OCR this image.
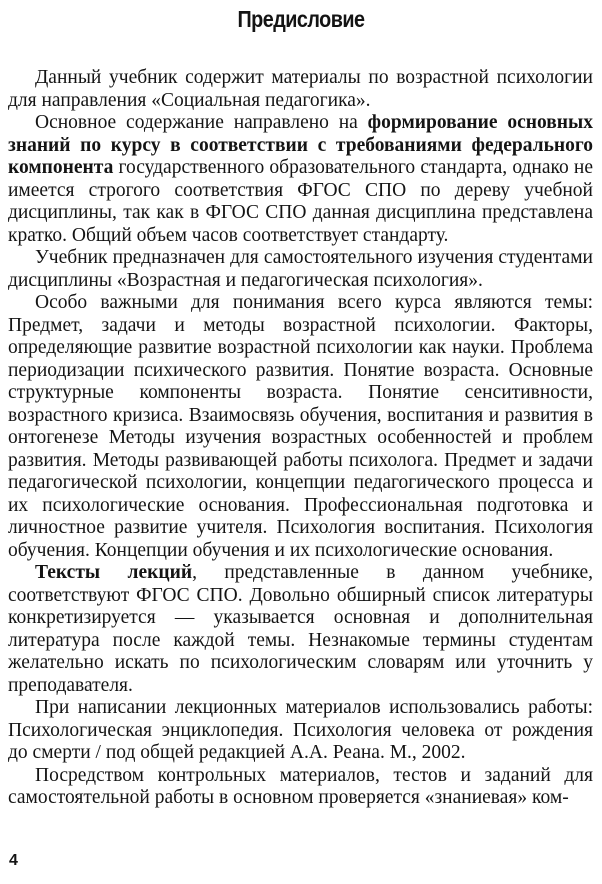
Предисловие

Данный учебник содержит материалы по возрастной психологии для направления «Социальная педагогика».

Основное содержание направлено на формирование основных знаний по курсу в соответствии с требованиями федерального компонента государственного образовательного стандарта, однако не имеется строгого соответствия ФГОС СПО по дереву учебной дисциплины, так как в ФГОС СПО данная дисциплина представлена кратко. Общий объем часов соответствует стандарту.

Учебник предназначен для самостоятельного изучения студентами дисциплины «Возрастная и педагогическая психология».

Особо важными для понимания всего курса являются темы: Предмет, задачи и методы возрастной психологии. Факторы, определяющие развитие возрастной психологии как науки. Проблема периодизации психического развития. Понятие возраста. Основные структурные компоненты возраста. Понятие сенситивности, возрастного кризиса. Взаимосвязь обучения, воспитания и развития в онтогенезе Методы изучения возрастных особенностей и проблем развития. Методы развивающей работы психолога. Предмет и задачи педагогической психологии, концепции педагогического процесса и их психологические основания. Профессиональная подготовка и личностное развитие учителя. Психология воспитания. Психология обучения. Концепции обучения и их психологические основания.

Тексты лекций, представленные в данном учебнике, соответствуют ФГОС СПО. Довольно обширный список литературы конкретизируется — указывается основная и дополнительная литература после каждой темы. Незнакомые термины студентам желательно искать по психологическим словарям или уточнить у преподавателя.

При написании лекционных материалов использовались работы: Психологическая энциклопедия. Психология человека от рождения до смерти / под общей редакцией А.А. Реана. М., 2002.

Посредством контрольных материалов, тестов и заданий для самостоятельной работы в основном проверяется «знаниевая» ком-

4
